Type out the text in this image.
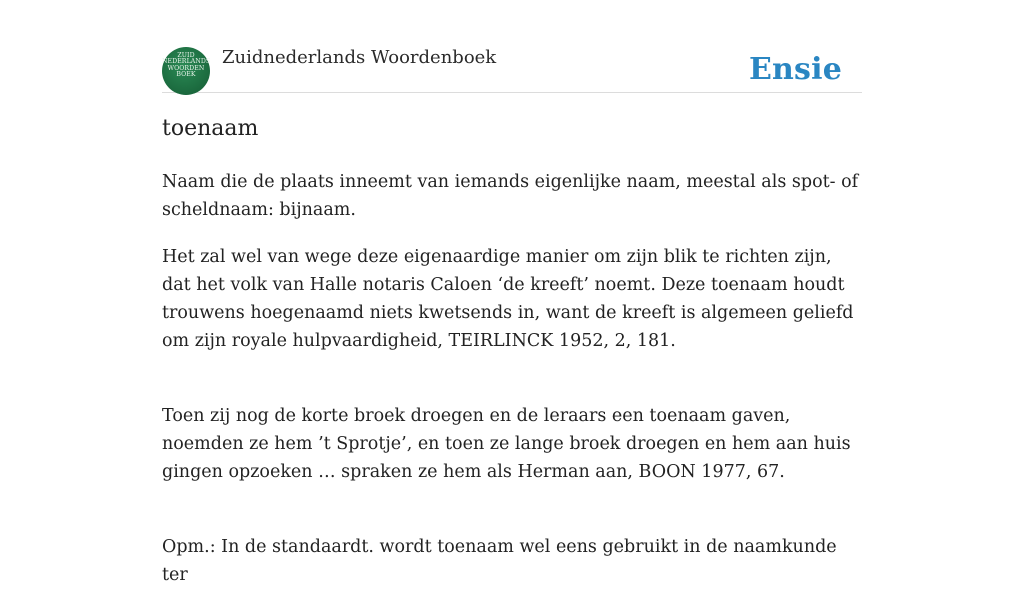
ZUID
NEDERLANDS
WOORDEN
BOEK
Zuidnederlands Woordenboek	Ensie
toenaam

Naam die de plaats inneemt van iemands eigenlijke naam, meestal als spot- of scheldnaam: bijnaam.

Het zal wel van wege deze eigenaardige manier om zijn blik te richten zijn, dat het volk van Halle notaris Caloen ‘de kreeft’ noemt. Deze toenaam houdt trouwens hoegenaamd niets kwetsends in, want de kreeft is algemeen geliefd om zijn royale hulpvaardigheid, TEIRLINCK 1952, 2, 181.

Toen zij nog de korte broek droegen en de leraars een toenaam gaven, noemden ze hem ’t Sprotje’, en toen ze lange broek droegen en hem aan huis gingen opzoeken … spraken ze hem als Herman aan, BOON 1977, 67.

Opm.: In de standaardt. wordt toenaam wel eens gebruikt in de naamkunde ter
